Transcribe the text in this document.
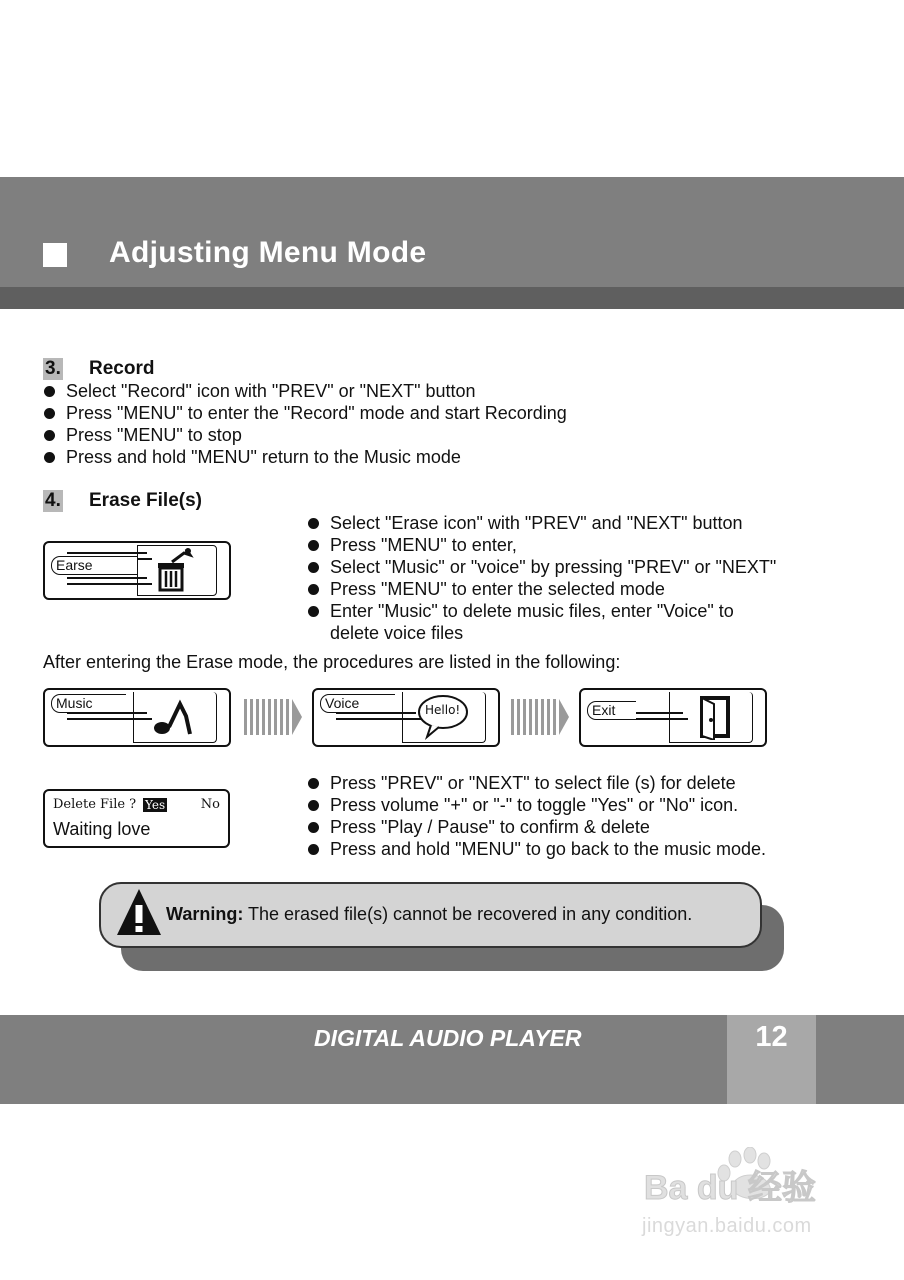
Adjusting Menu Mode
3. Record
Select "Record" icon with "PREV" or "NEXT" button
Press "MENU" to enter the "Record" mode and start Recording
Press "MENU" to stop
Press and hold "MENU" return to the Music mode
4. Erase File(s)
Earse
Select "Erase icon" with "PREV" and "NEXT" button
Press "MENU" to enter,
Select "Music" or "voice" by pressing "PREV" or "NEXT"
Press "MENU" to enter the selected mode
Enter "Music" to delete music files, enter "Voice" to
delete voice files
After entering the Erase mode, the procedures are listed in the following:
Music	Voice	Hello!	Exit
Delete File ? Yes	No
Waiting love
Press "PREV" or "NEXT" to select file (s) for delete
Press volume "+" or "-" to toggle "Yes" or "No" icon.
Press "Play / Pause" to confirm & delete
Press and hold "MENU" to go back to the music mode.
Warning: The erased file(s) cannot be recovered in any condition.
DIGITAL AUDIO PLAYER	12
Ba du 经验
jingyan.baidu.com
